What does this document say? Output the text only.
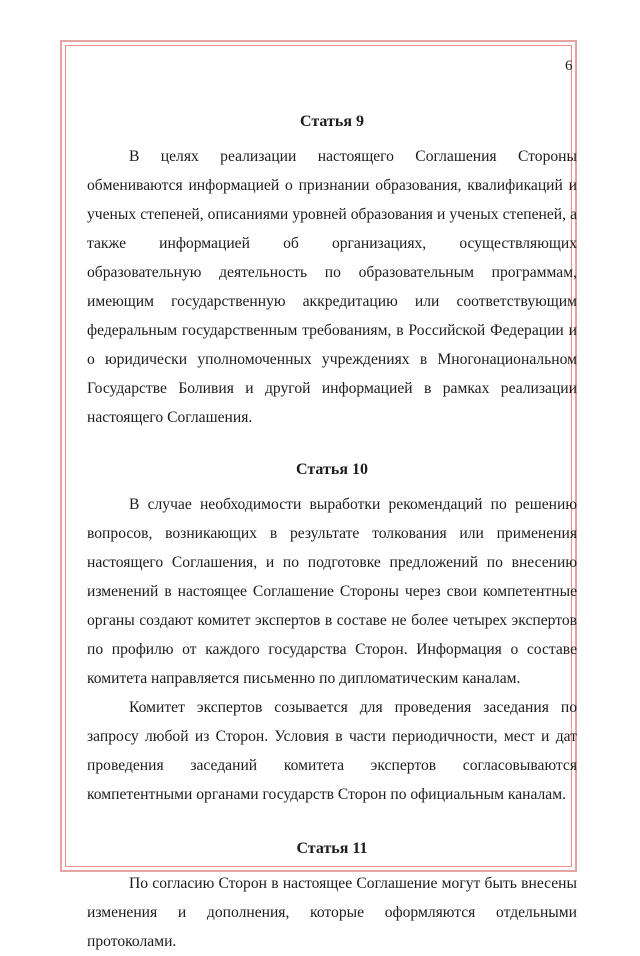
6
Статья 9

В целях реализации настоящего Соглашения Стороны обмениваются информацией о признании образования, квалификаций и ученых степеней, описаниями уровней образования и ученых степеней, а также информацией об организациях, осуществляющих образовательную деятельность по образовательным программам, имеющим государственную аккредитацию или соответствующим федеральным государственным требованиям, в Российской Федерации и о юридически уполномоченных учреждениях в Многонациональном Государстве Боливия и другой информацией в рамках реализации настоящего Соглашения.

Статья 10

В случае необходимости выработки рекомендаций по решению вопросов, возникающих в результате толкования или применения настоящего Соглашения, и по подготовке предложений по внесению изменений в настоящее Соглашение Стороны через свои компетентные органы создают комитет экспертов в составе не более четырех экспертов по профилю от каждого государства Сторон. Информация о составе комитета направляется письменно по дипломатическим каналам.

Комитет экспертов созывается для проведения заседания по запросу любой из Сторон. Условия в части периодичности, мест и дат проведения заседаний комитета экспертов согласовываются компетентными органами государств Сторон по официальным каналам.

Статья 11

По согласию Сторон в настоящее Соглашение могут быть внесены изменения и дополнения, которые оформляются отдельными протоколами.
